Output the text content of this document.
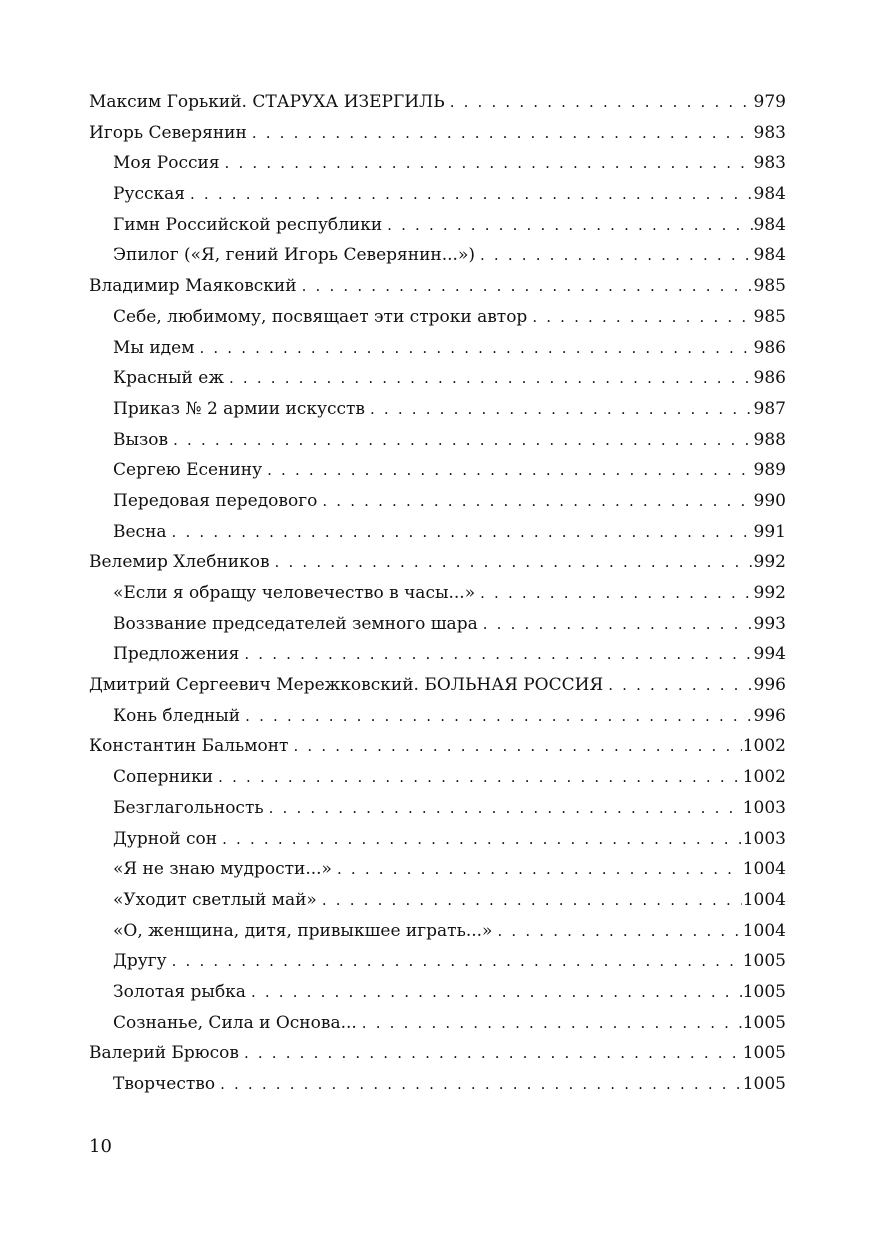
Максим Горький. СТАРУХА ИЗЕРГИЛЬ . . .	979
Игорь Северянин . . .	983
Моя Россия . . .	983
Русская . . .	984
Гимн Российской республики . . .	984
Эпилог («Я, гений Игорь Северянин...») . . .	984
Владимир Маяковский . . .	985
Себе, любимому, посвящает эти строки автор . . .	985
Мы идем . . .	986
Красный еж . . .	986
Приказ № 2 армии искусств . . .	987
Вызов . . .	988
Сергею Есенину . . .	989
Передовая передового . . .	990
Весна . . .	991
Велемир Хлебников . . .	992
«Если я обращу человечество в часы...» . . .	992
Воззвание председателей земного шара . . .	993
Предложения . . .	994
Дмитрий Сергеевич Мережковский. БОЛЬНАЯ РОССИЯ . . .	996
Конь бледный . . .	996
Константин Бальмонт . . .	1002
Соперники . . .	1002
Безглагольность . . .	1003
Дурной сон . . .	1003
«Я не знаю мудрости...» . . .	1004
«Уходит светлый май» . . .	1004
«О, женщина, дитя, привыкшее играть...» . . .	1004
Другу . . .	1005
Золотая рыбка . . .	1005
Сознанье, Сила и Основа... . . .	1005
Валерий Брюсов . . .	1005
Творчество . . .	1005
10
